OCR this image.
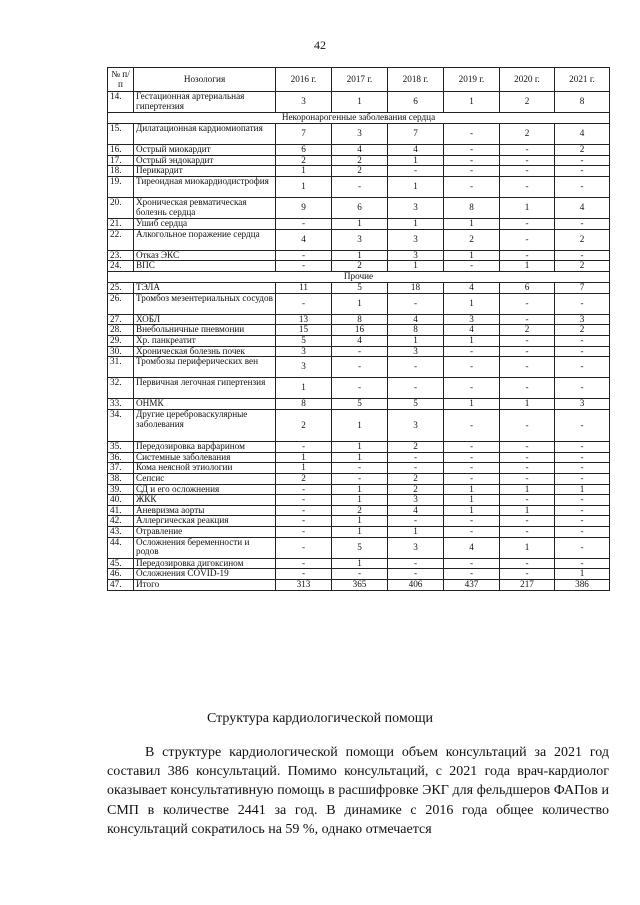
42
№ п/п	Нозология	2016 г.	2017 г.	2018 г.	2019 г.	2020 г.	2021 г.
14.	Гестационная артериальная гипертензия	3	1	6	1	2	8
Некоронарогенные заболевания сердца							
15.	Дилатационная кардиомиопатия	7	3	7	-	2	4
16.	Острый миокардит	6	4	4	-	-	2
17.	Острый эндокардит	2	2	1	-	-	-
18.	Перикардит	1	2	-	-	-	-
19.	Тиреоидная миокардиодистрофия	1	-	1	-	-	-
20.	Хроническая ревматическая болезнь сердца	9	6	3	8	1	4
21.	Ушиб сердца	-	1	1	1	-	-
22.	Алкогольное поражение сердца	4	3	3	2	-	2
23.	Отказ ЭКС	-	1	3	1	-	-
24.	ВПС	-	2	1	-	1	2
Прочие							
25.	ТЭЛА	11	5	18	4	6	7
26.	Тромбоз мезентериальных сосудов	-	1	-	1	-	-
27.	ХОБЛ	13	8	4	3	-	3
28.	Внебольничные пневмонии	15	16	8	4	2	2
29.	Хр. панкреатит	5	4	1	1	-	-
30.	Хроническая болезнь почек	3	-	3	-	-	-
31.	Тромбозы периферических вен	3	-	-	-	-	-
32.	Первичная легочная гипертензия	1	-	-	-	-	-
33.	ОНМК	8	5	5	1	1	3
34.	Другие цереброваскулярные заболевания	2	1	3	-	-	-
35.	Передозировка варфарином	-	1	2	-	-	-
36.	Системные заболевания	1	1	-	-	-	-
37.	Кома неясной этиологии	1	-	-	-	-	-
38.	Сепсис	2	-	2	-	-	-
39.	СД и его осложнения	-	1	2	1	1	1
40.	ЖКК	-	1	3	1	-	-
41.	Аневризма аорты	-	2	4	1	1	-
42.	Аллергическая реакция	-	1	-	-	-	-
43.	Отравление	-	1	1	-	-	-
44.	Осложнения беременности и родов	-	5	3	4	1	-
45.	Передозировка дигоксином	-	1	-	-	-	-
46.	Осложнения COVID-19	-	-	-	-	-	1
47.	Итого	313	365	406	437	217	386
Структура кардиологической помощи

В структуре кардиологической помощи объем консультаций за 2021 год составил 386 консультаций. Помимо консультаций, с 2021 года врач-кардиолог оказывает консультативную помощь в расшифровке ЭКГ для фельдшеров ФАПов и СМП в количестве 2441 за год. В динамике с 2016 года общее количество консультаций сократилось на 59 %, однако отмечается
